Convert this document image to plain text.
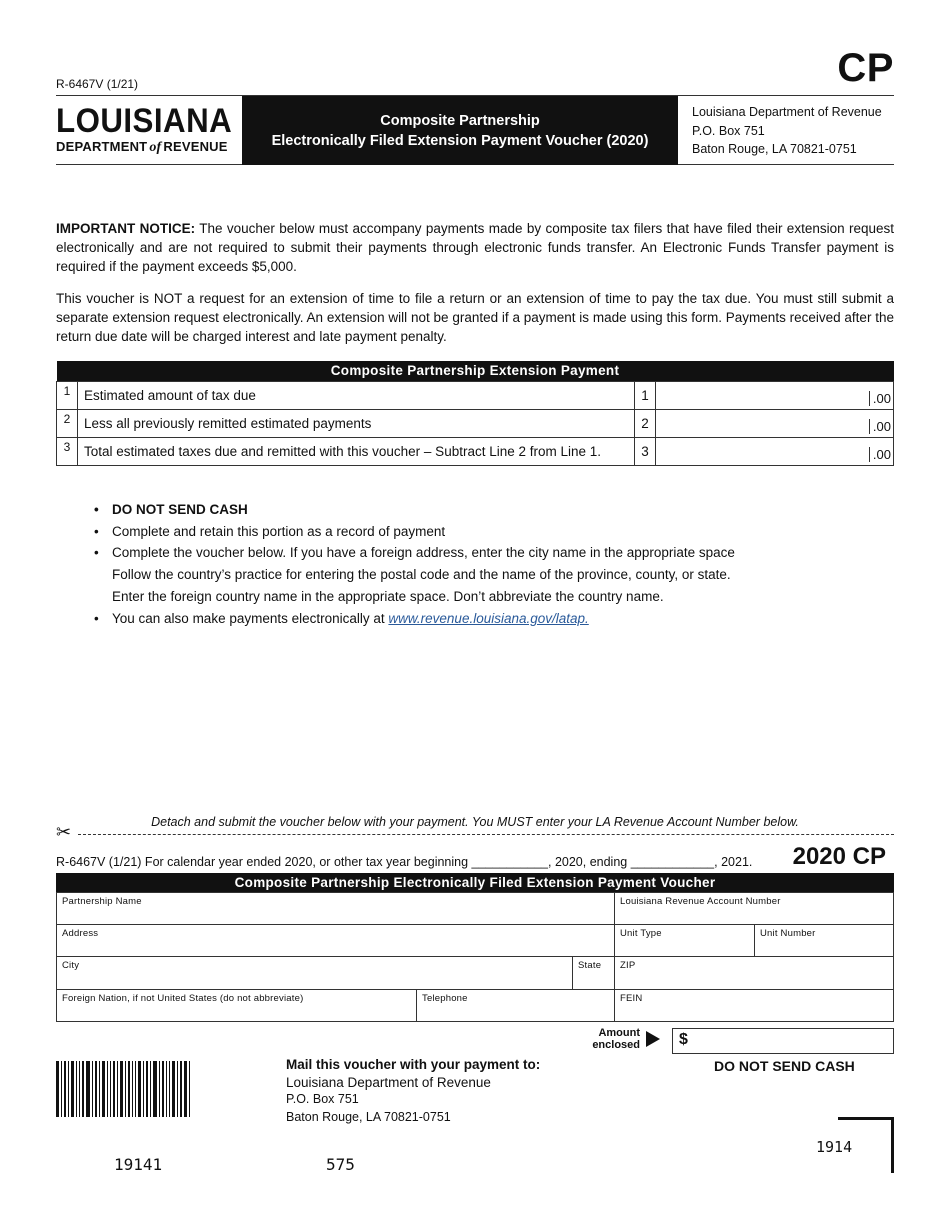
R-6467V (1/21)	CP
LOUISIANA
DEPARTMENT of REVENUE
Composite Partnership
Electronically Filed Extension Payment Voucher (2020)
Louisiana Department of Revenue
P.O. Box 751
Baton Rouge, LA 70821-0751
IMPORTANT NOTICE: The voucher below must accompany payments made by composite tax filers that have filed their extension request electronically and are not required to submit their payments through electronic funds transfer. An Electronic Funds Transfer payment is required if the payment exceeds $5,000.
This voucher is NOT a request for an extension of time to file a return or an extension of time to pay the tax due. You must still submit a separate extension request electronically. An extension will not be granted if a payment is made using this form. Payments received after the return due date will be charged interest and late payment penalty.
Composite Partnership Extension Payment			
1	Estimated amount of tax due	1	.00
2	Less all previously remitted estimated payments	2	.00
3	Total estimated taxes due and remitted with this voucher – Subtract Line 2 from Line 1.	3	.00
• DO NOT SEND CASH
• Complete and retain this portion as a record of payment
• Complete the voucher below. If you have a foreign address, enter the city name in the appropriate space
Follow the country’s practice for entering the postal code and the name of the province, county, or state.
Enter the foreign country name in the appropriate space. Don’t abbreviate the country name.
• You can also make payments electronically at www.revenue.louisiana.gov/latap.
Detach and submit the voucher below with your payment. You MUST enter your LA Revenue Account Number below.
✂
R-6467V (1/21) For calendar year ended 2020, or other tax year beginning ___________, 2020, ending ____________, 2021. 2020 CP
Composite Partnership Electronically Filed Extension Payment Voucher
Partnership Name	Louisiana Revenue Account Number
Address	Unit Type	Unit Number
City	State	ZIP
Foreign Nation, if not United States (do not abbreviate)	Telephone	FEIN
Amount
enclosed	$
DO NOT SEND CASH
Mail this voucher with your payment to:
Louisiana Department of Revenue
P.O. Box 751
Baton Rouge, LA 70821-0751
19141	575
1914
